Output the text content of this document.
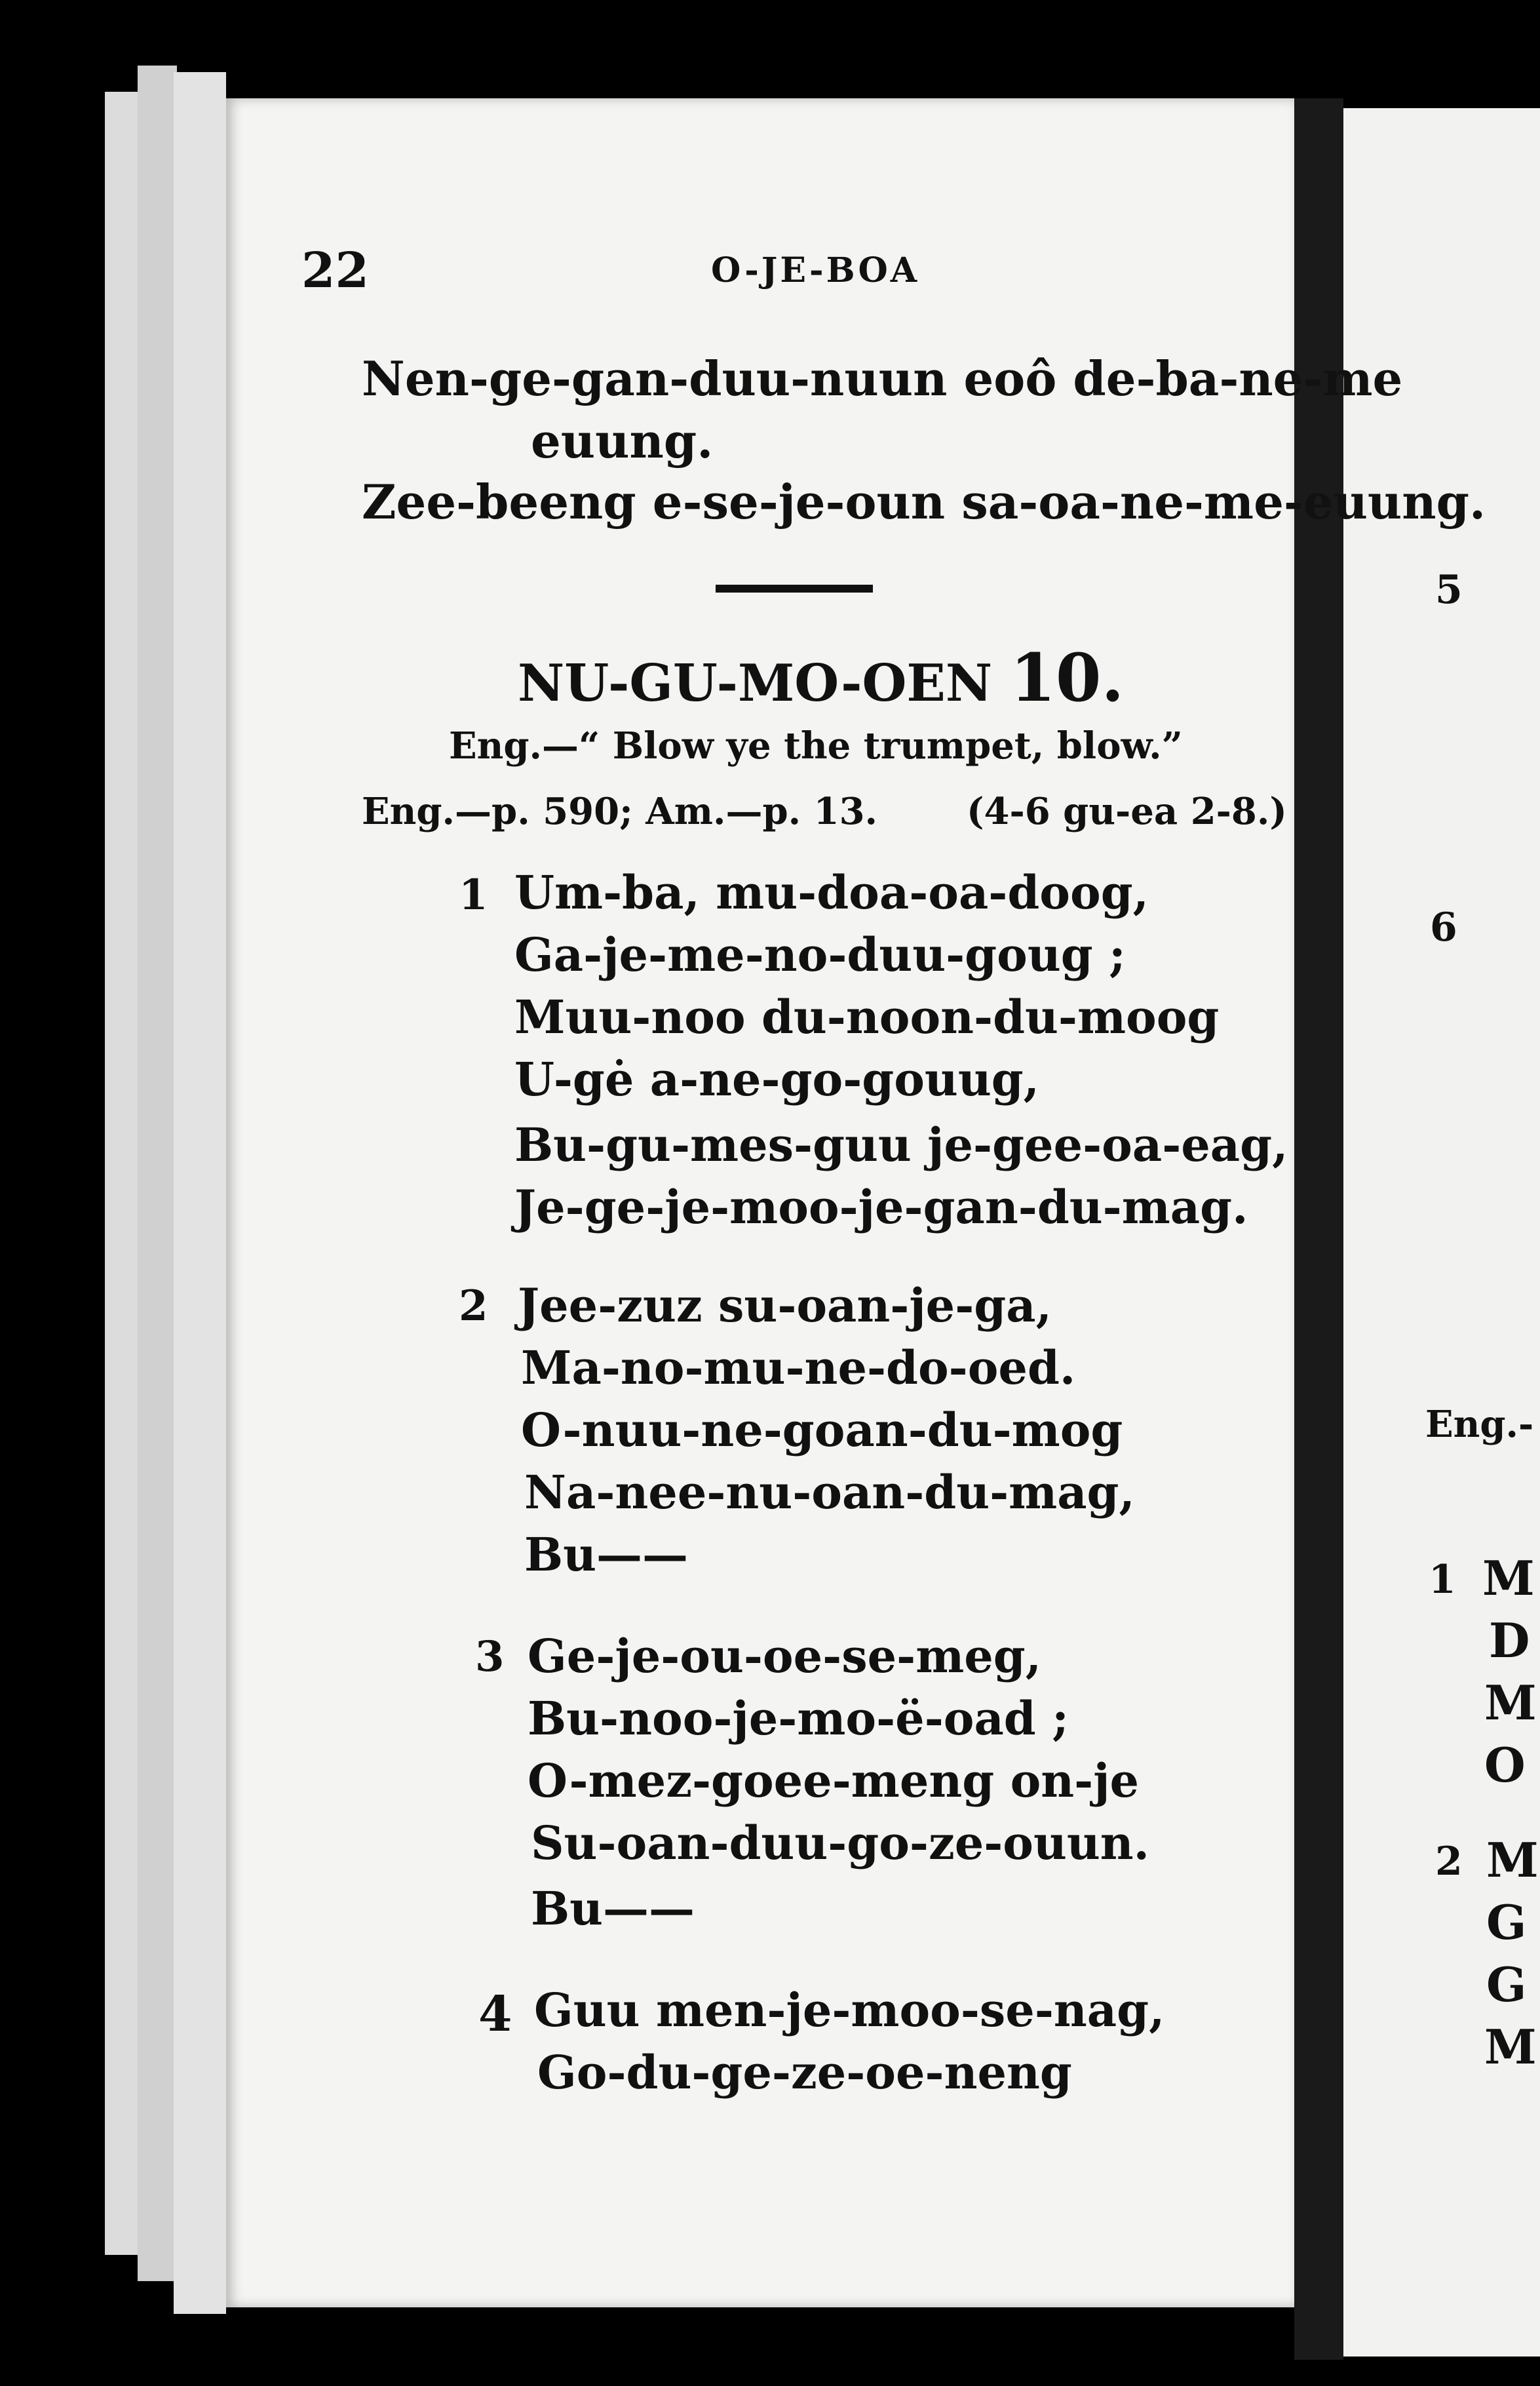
22	O-JE-BOA
Nen-ge-gan-duu-nuun eoô de-ba-ne-me
euung.
Zee-beeng e-se-je-oun sa-oa-ne-me-euung.
NU-GU-MO-OEN 10.
Eng.—“ Blow ye the trumpet, blow.”
Eng.—p. 590; Am.—p. 13. (4-6 gu-ea 2-8.)
1 Um-ba, mu-doa-oa-doog,
Ga-je-me-no-duu-goug ;
Muu-noo du-noon-du-moog
U-gė a-ne-go-gouug,
Bu-gu-mes-guu je-gee-oa-eag,
Je-ge-je-moo-je-gan-du-mag.
2 Jee-zuz su-oan-je-ga,
Ma-no-mu-ne-do-oed.
O-nuu-ne-goan-du-mog
Na-nee-nu-oan-du-mag,
Bu——
3 Ge-je-ou-oe-se-meg,
Bu-noo-je-mo-ë-oad ;
O-mez-goee-meng on-je
Su-oan-duu-go-ze-ouun.
Bu——
4 Guu men-je-moo-se-nag,
Go-du-ge-ze-oe-neng
5
6
Eng.-
1 M
D
M
O
2 M
G
G
M
